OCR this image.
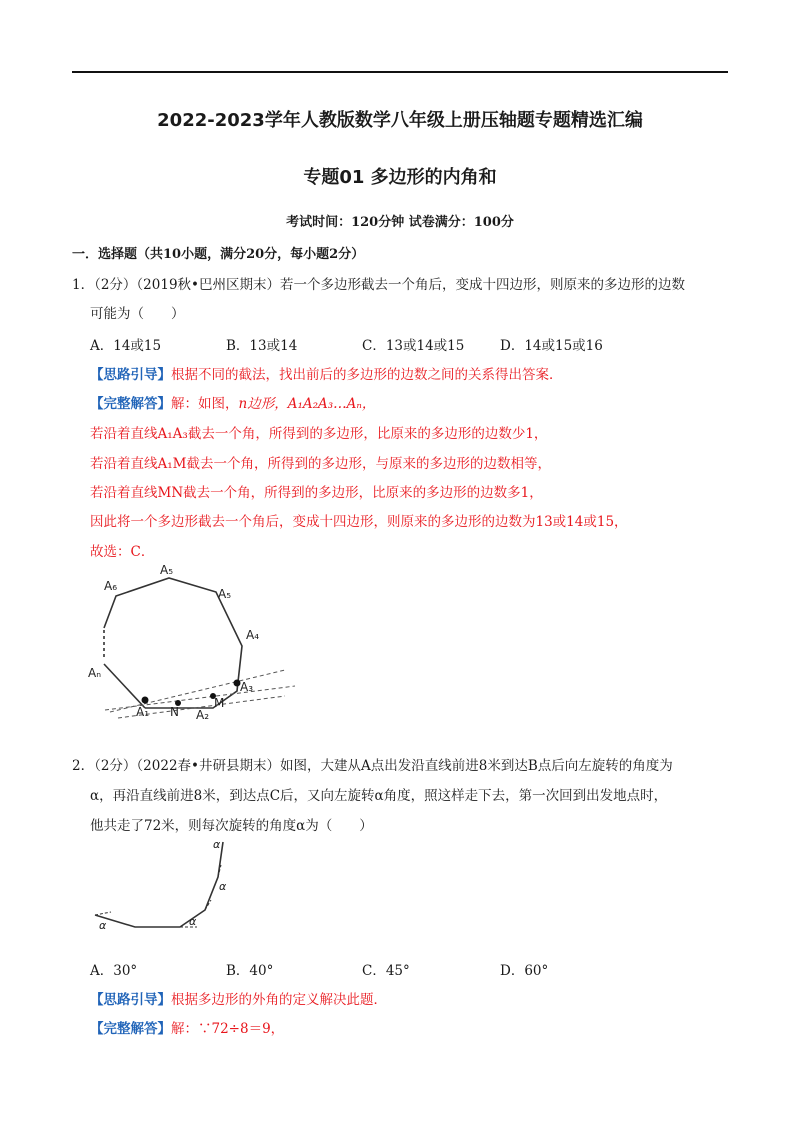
2022-2023学年人教版数学八年级上册压轴题专题精选汇编
专题01 多边形的内角和
考试时间：120分钟 试卷满分：100分
一．选择题（共10小题，满分20分，每小题2分）
1．（2分）（2019秋•巴州区期末）若一个多边形截去一个角后，变成十四边形，则原来的多边形的边数
可能为（　　）
A．14或15	B．13或14	C．13或14或15	D．14或15或16
【思路引导】根据不同的截法，找出前后的多边形的边数之间的关系得出答案．
【完整解答】解：如图，n边形，A₁A₂A₃…Aₙ，
若沿着直线A₁A₃截去一个角，所得到的多边形，比原来的多边形的边数少1，
若沿着直线A₁M截去一个角，所得到的多边形，与原来的多边形的边数相等，
若沿着直线MN截去一个角，所得到的多边形，比原来的多边形的边数多1，
因此将一个多边形截去一个角后，变成十四边形，则原来的多边形的边数为13或14或15，
故选：C．
A₆
A₅
A₅
A₄
Aₙ
A₃
A₁ N
M
A₂
2．（2分）（2022春•井研县期末）如图，大建从A点出发沿直线前进8米到达B点后向左旋转的角度为
α，再沿直线前进8米，到达点C后，又向左旋转α角度，照这样走下去，第一次回到出发地点时，
他共走了72米，则每次旋转的角度α为（　　）
α	α
α
α
A．30°	B．40°	C．45°	D．60°
【思路引导】根据多边形的外角的定义解决此题．
【完整解答】解：∵72÷8＝9，
